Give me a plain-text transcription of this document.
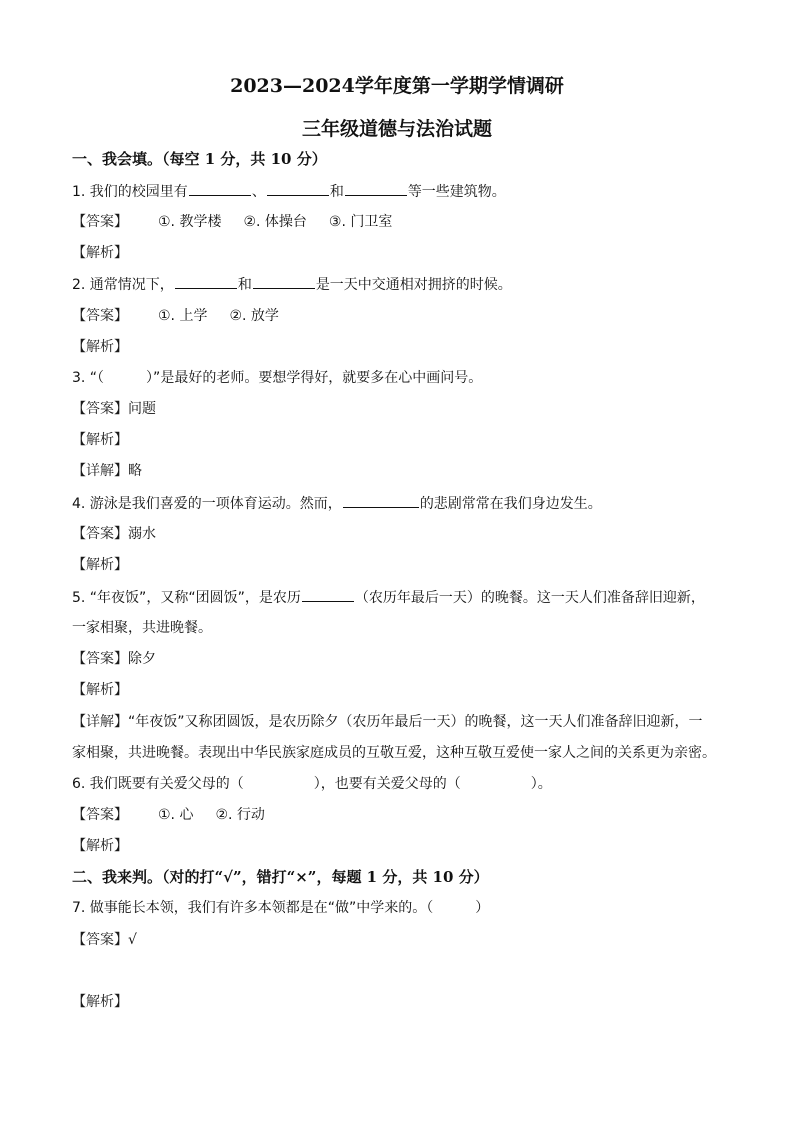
2023—2024学年度第一学期学情调研
三年级道德与法治试题
一、我会填。（每空 1 分，共 10 分）
1. 我们的校园里有	、	和	等一些建筑物。
【答案】 ①. 教学楼 ②. 体操台 ③. 门卫室
【解析】
2. 通常情况下，	和	是一天中交通相对拥挤的时候。
【答案】 ①. 上学 ②. 放学
【解析】
3. “（　　　）”是最好的老师。要想学得好，就要多在心中画问号。
【答案】问题
【解析】
【详解】略
4. 游泳是我们喜爱的一项体育运动。然而，	的悲剧常常在我们身边发生。
【答案】溺水
【解析】
5. “年夜饭”，又称“团圆饭”，是农历	（农历年最后一天）的晚餐。这一天人们准备辞旧迎新，
一家相聚，共进晚餐。
【答案】除夕
【解析】
【详解】“年夜饭”又称团圆饭，是农历除夕（农历年最后一天）的晚餐，这一天人们准备辞旧迎新，一
家相聚，共进晚餐。表现出中华民族家庭成员的互敬互爱，这种互敬互爱使一家人之间的关系更为亲密。
6. 我们既要有关爱父母的（　　　　　），也要有关爱父母的（　　　　　）。
【答案】 ①. 心 ②. 行动
【解析】
二、我来判。（对的打“√”，错打“×”，每题 1 分，共 10 分）
7. 做事能长本领，我们有许多本领都是在“做”中学来的。（　　　）
【答案】√
【解析】
